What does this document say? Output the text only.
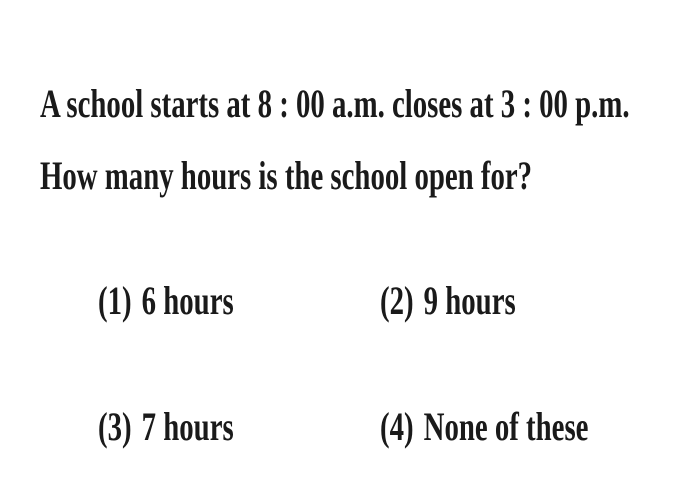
A school starts at 8 : 00 a.m. closes at 3 : 00 p.m.
How many hours is the school open for?
(1) 6 hours	(2) 9 hours
(3) 7 hours	(4) None of these
